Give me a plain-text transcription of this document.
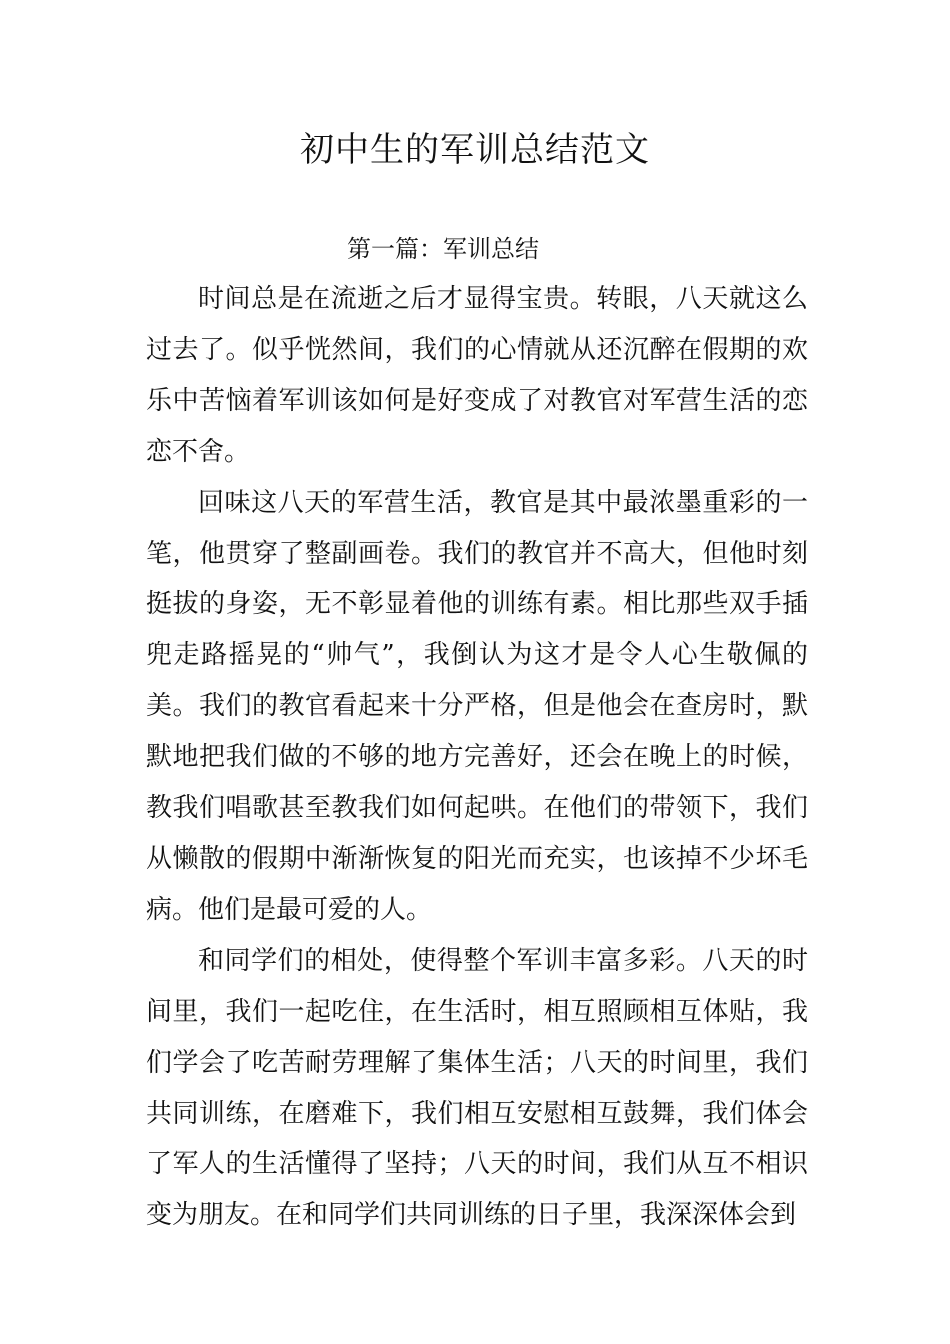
初中生的军训总结范文
第一篇：军训总结

时间总是在流逝之后才显得宝贵。转眼，八天就这么过去了。似乎恍然间，我们的心情就从还沉醉在假期的欢乐中苦恼着军训该如何是好变成了对教官对军营生活的恋恋不舍。

回味这八天的军营生活，教官是其中最浓墨重彩的一笔，他贯穿了整副画卷。我们的教官并不高大，但他时刻挺拔的身姿，无不彰显着他的训练有素。相比那些双手插兜走路摇晃的“帅气”，我倒认为这才是令人心生敬佩的美。我们的教官看起来十分严格，但是他会在查房时，默默地把我们做的不够的地方完善好，还会在晚上的时候，教我们唱歌甚至教我们如何起哄。在他们的带领下，我们从懒散的假期中渐渐恢复的阳光而充实，也该掉不少坏毛病。他们是最可爱的人。

和同学们的相处，使得整个军训丰富多彩。八天的时间里，我们一起吃住，在生活时，相互照顾相互体贴，我们学会了吃苦耐劳理解了集体生活；八天的时间里，我们共同训练，在磨难下，我们相互安慰相互鼓舞，我们体会了军人的生活懂得了坚持；八天的时间，我们从互不相识变为朋友。在和同学们共同训练的日子里，我深深体会到
